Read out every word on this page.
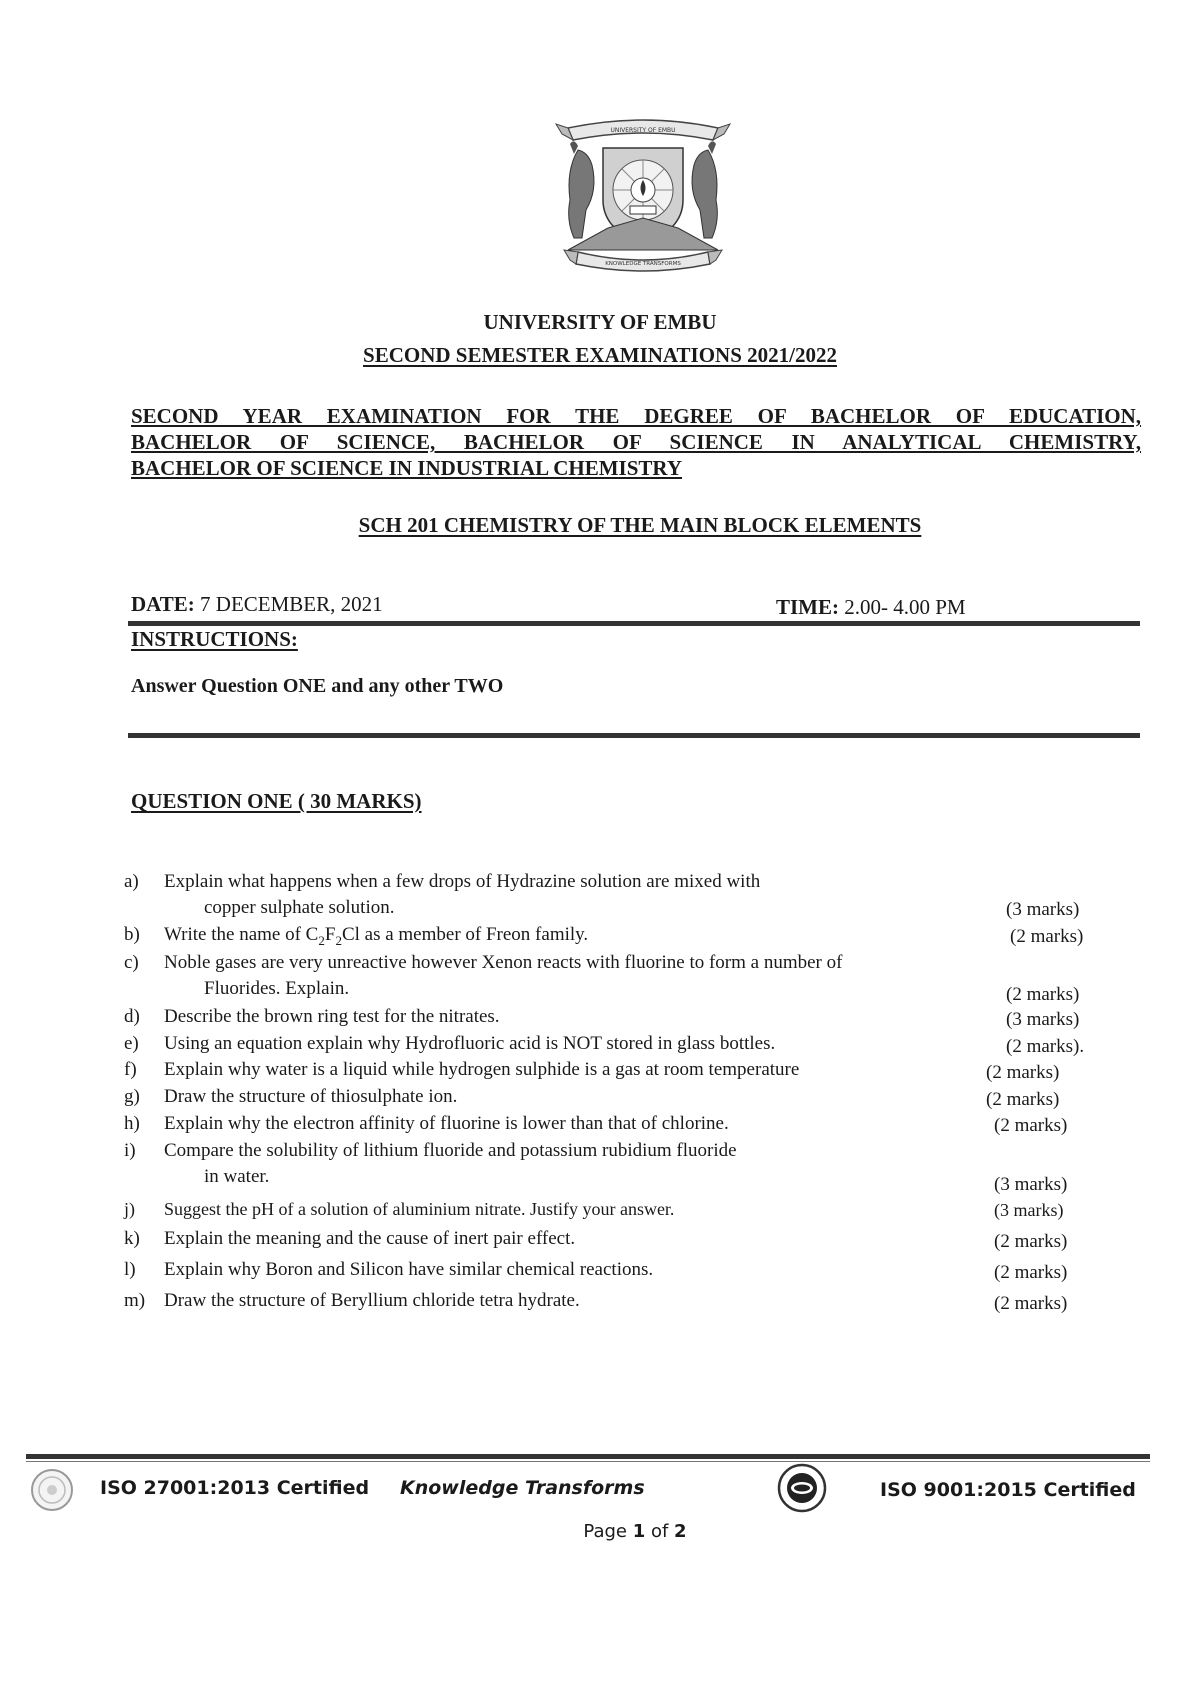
UNIVERSITY OF EMBU
KNOWLEDGE TRANSFORMS
UNIVERSITY OF EMBU
SECOND SEMESTER EXAMINATIONS 2021/2022
SECOND YEAR EXAMINATION FOR THE DEGREE OF BACHELOR OF EDUCATION,
BACHELOR OF SCIENCE, BACHELOR OF SCIENCE IN ANALYTICAL CHEMISTRY,
BACHELOR OF SCIENCE IN INDUSTRIAL CHEMISTRY
SCH 201 CHEMISTRY OF THE MAIN BLOCK ELEMENTS
DATE: 7 DECEMBER, 2021	TIME: 2.00- 4.00 PM
INSTRUCTIONS:
Answer Question ONE and any other TWO
QUESTION ONE ( 30 MARKS)
a) Explain what happens when a few drops of Hydrazine solution are mixed with
copper sulphate solution.	(3 marks)
b) Write the name of $C_2F_2Cl$ as a member of Freon family.	(2 marks)
c) Noble gases are very unreactive however Xenon reacts with fluorine to form a number of
Fluorides. Explain.	(2 marks)
d) Describe the brown ring test for the nitrates.	(3 marks)
e) Using an equation explain why Hydrofluoric acid is NOT stored in glass bottles.	(2 marks).
f) Explain why water is a liquid while hydrogen sulphide is a gas at room temperature	(2 marks)
g) Draw the structure of thiosulphate ion.	(2 marks)
h) Explain why the electron affinity of fluorine is lower than that of chlorine.	(2 marks)
i) Compare the solubility of lithium fluoride and potassium rubidium fluoride
in water.	(3 marks)
j) Suggest the pH of a solution of aluminium nitrate. Justify your answer.	(3 marks)
k) Explain the meaning and the cause of inert pair effect.	(2 marks)
l) Explain why Boron and Silicon have similar chemical reactions.	(2 marks)
m) Draw the structure of Beryllium chloride tetra hydrate.	(2 marks)
ISO 27001:2013 Certified Knowledge Transforms	ISO 9001:2015 Certified
Page 1 of 2
